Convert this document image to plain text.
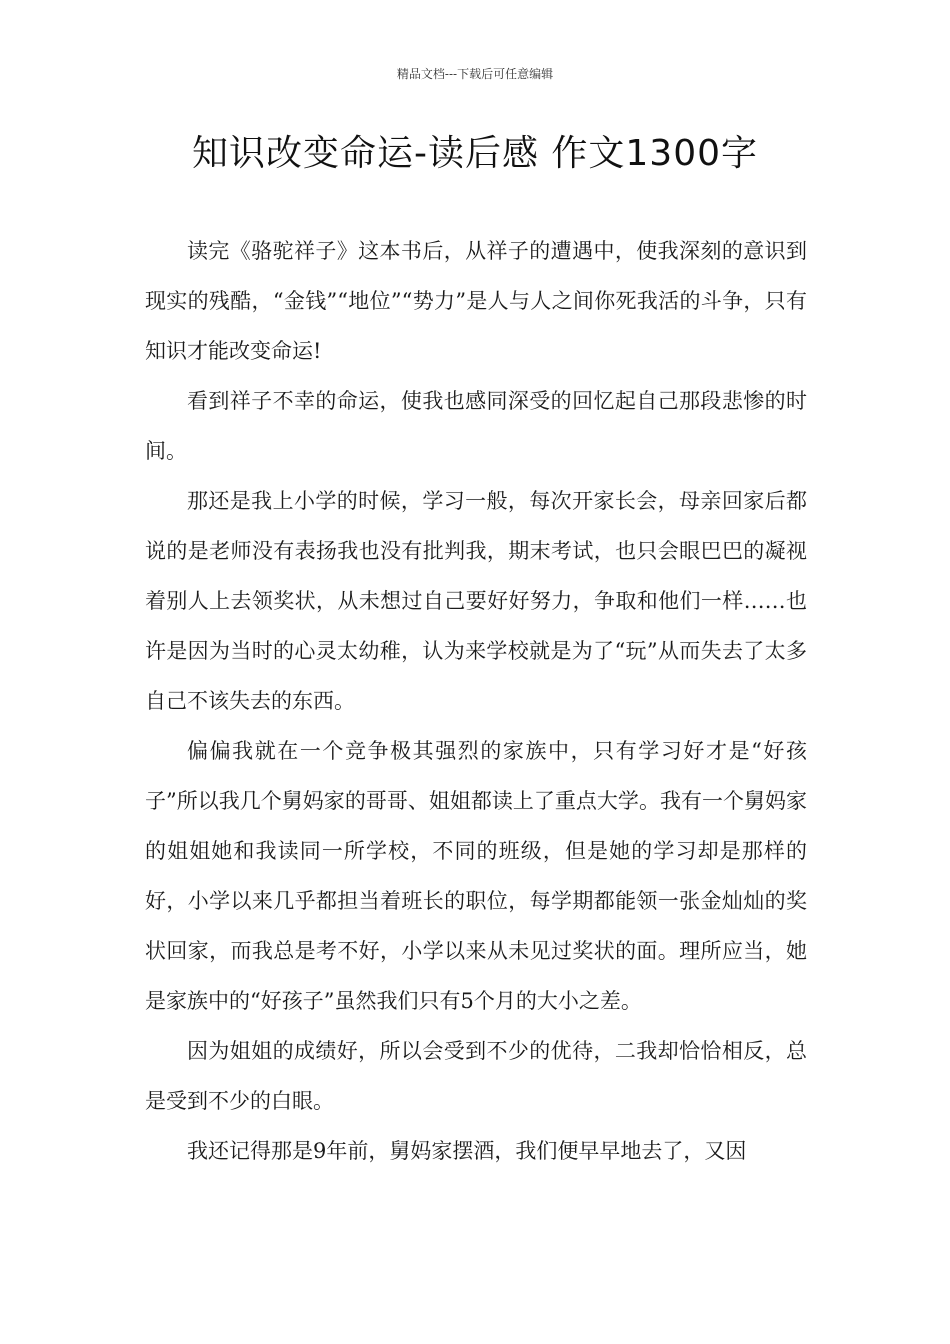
精品文档---下载后可任意编辑
知识改变命运-读后感 作文1300字

读完《骆驼祥子》这本书后，从祥子的遭遇中，使我深刻的意识到现实的残酷，“金钱”“地位”“势力”是人与人之间你死我活的斗争，只有知识才能改变命运!

看到祥子不幸的命运，使我也感同深受的回忆起自己那段悲惨的时间。

那还是我上小学的时候，学习一般，每次开家长会，母亲回家后都说的是老师没有表扬我也没有批判我，期末考试，也只会眼巴巴的凝视着别人上去领奖状，从未想过自己要好好努力，争取和他们一样……也许是因为当时的心灵太幼稚，认为来学校就是为了“玩”从而失去了太多自己不该失去的东西。

偏偏我就在一个竞争极其强烈的家族中，只有学习好才是“好孩子”所以我几个舅妈家的哥哥、姐姐都读上了重点大学。我有一个舅妈家的姐姐她和我读同一所学校，不同的班级，但是她的学习却是那样的好，小学以来几乎都担当着班长的职位，每学期都能领一张金灿灿的奖状回家，而我总是考不好，小学以来从未见过奖状的面。理所应当，她是家族中的“好孩子”虽然我们只有5个月的大小之差。

因为姐姐的成绩好，所以会受到不少的优待，二我却恰恰相反，总是受到不少的白眼。

我还记得那是9年前，舅妈家摆酒，我们便早早地去了，又因
